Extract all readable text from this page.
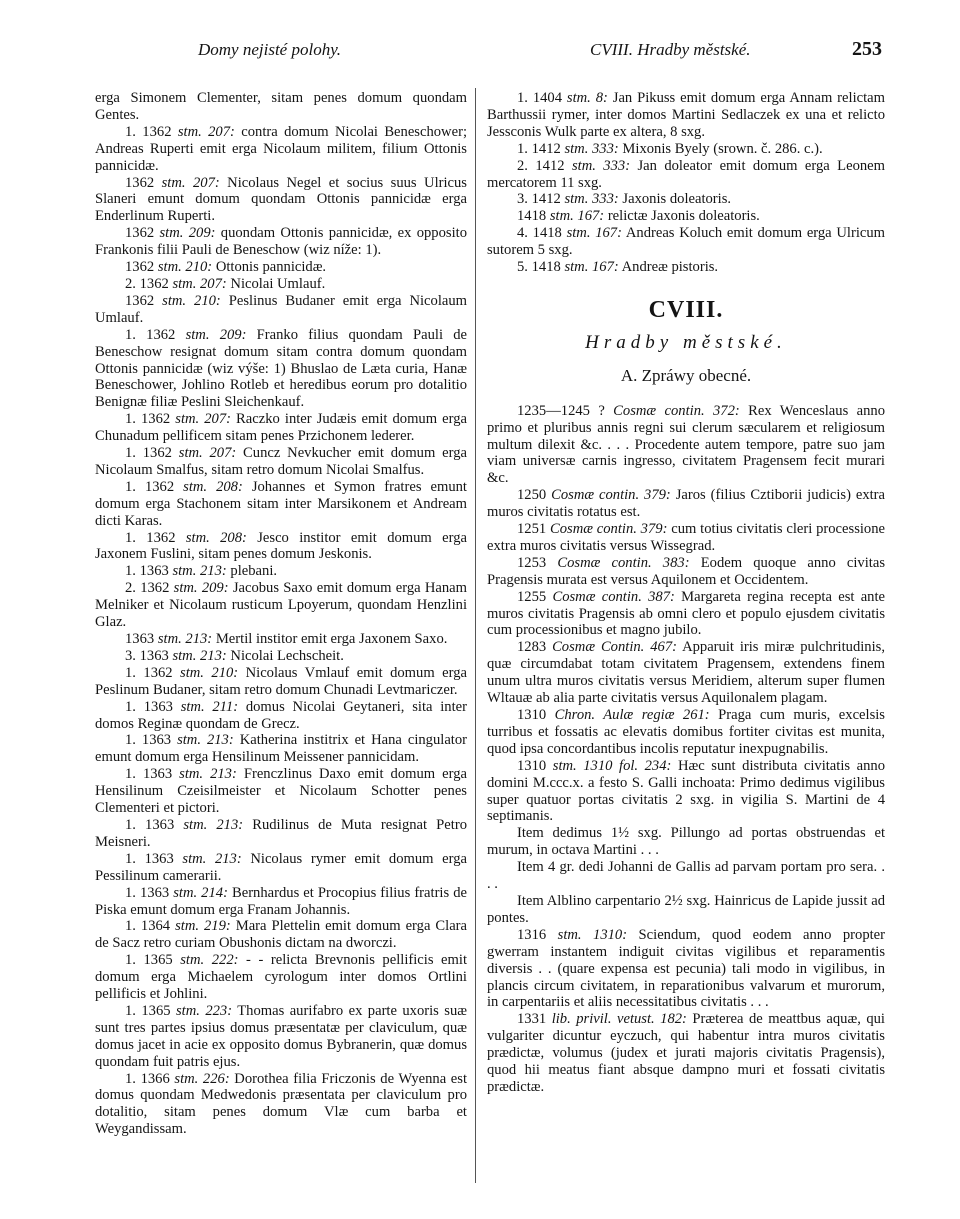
Domy nejisté polohy.	CVIII. Hradby městské.	253

erga Simonem Clementer, sitam penes domum quondam Gentes.

1. 1362 stm. 207: contra domum Nicolai Beneschower; Andreas Ruperti emit erga Nicolaum militem, filium Ottonis pannicidæ.

1362 stm. 207: Nicolaus Negel et socius suus Ulricus Slaneri emunt domum quondam Ottonis pannicidæ erga Enderlinum Ruperti.

1362 stm. 209: quondam Ottonis pannicidæ, ex opposito Frankonis filii Pauli de Beneschow (wiz níže: 1).

1362 stm. 210: Ottonis pannicidæ.

2. 1362 stm. 207: Nicolai Umlauf.

1362 stm. 210: Peslinus Budaner emit erga Nicolaum Umlauf.

1. 1362 stm. 209: Franko filius quondam Pauli de Beneschow resignat domum sitam contra domum quondam Ottonis pannicidæ (wiz výše: 1) Bhuslao de Læta curia, Hanæ Beneschower, Johlino Rotleb et heredibus eorum pro dotalitio Benignæ filiæ Peslini Sleichenkauf.

1. 1362 stm. 207: Raczko inter Judæis emit domum erga Chunadum pellificem sitam penes Przichonem lederer.

1. 1362 stm. 207: Cuncz Nevkucher emit domum erga Nicolaum Smalfus, sitam retro domum Nicolai Smalfus.

1. 1362 stm. 208: Johannes et Symon fratres emunt domum erga Stachonem sitam inter Marsikonem et Andream dicti Karas.

1. 1362 stm. 208: Jesco institor emit domum erga Jaxonem Fuslini, sitam penes domum Jeskonis.

1. 1363 stm. 213: plebani.

2. 1362 stm. 209: Jacobus Saxo emit domum erga Hanam Melniker et Nicolaum rusticum Lpoyerum, quondam Henzlini Glaz.

1363 stm. 213: Mertil institor emit erga Jaxonem Saxo.

3. 1363 stm. 213: Nicolai Lechscheit.

1. 1362 stm. 210: Nicolaus Vmlauf emit domum erga Peslinum Budaner, sitam retro domum Chunadi Levtmariczer.

1. 1363 stm. 211: domus Nicolai Geytaneri, sita inter domos Reginæ quondam de Grecz.

1. 1363 stm. 213: Katherina institrix et Hana cingulator emunt domum erga Hensilinum Meissener pannicidam.

1. 1363 stm. 213: Frenczlinus Daxo emit domum erga Hensilinum Czeisilmeister et Nicolaum Schotter penes Clementeri et pictori.

1. 1363 stm. 213: Rudilinus de Muta resignat Petro Meisneri.

1. 1363 stm. 213: Nicolaus rymer emit domum erga Pessilinum camerarii.

1. 1363 stm. 214: Bernhardus et Procopius filius fratris de Piska emunt domum erga Franam Johannis.

1. 1364 stm. 219: Mara Plettelin emit domum erga Clara de Sacz retro curiam Obushonis dictam na dworczi.

1. 1365 stm. 222: - - relicta Brevnonis pellificis emit domum erga Michaelem cyrologum inter domos Ortlini pellificis et Johlini.

1. 1365 stm. 223: Thomas aurifabro ex parte uxoris suæ sunt tres partes ipsius domus præsentatæ per claviculum, quæ domus jacet in acie ex opposito domus Bybranerin, quæ domus quondam fuit patris ejus.

1. 1366 stm. 226: Dorothea filia Friczonis de Wyenna est domus quondam Medwedonis præsentata per claviculum pro dotalitio, sitam penes domum Vlæ cum barba et Weygandissam.

1. 1404 stm. 8: Jan Pikuss emit domum erga Annam relictam Barthussii rymer, inter domos Martini Sedlaczek ex una et relicto Jessconis Wulk parte ex altera, 8 sxg.

1. 1412 stm. 333: Mixonis Byely (srown. č. 286. c.).

2. 1412 stm. 333: Jan doleator emit domum erga Leonem mercatorem 11 sxg.

3. 1412 stm. 333: Jaxonis doleatoris.

1418 stm. 167: relictæ Jaxonis doleatoris.

4. 1418 stm. 167: Andreas Koluch emit domum erga Ulricum sutorem 5 sxg.

5. 1418 stm. 167: Andreæ pistoris.

CVIII.
Hradby městské.
A. Zpráwy obecné.

1235—1245 ? Cosmæ contin. 372: Rex Wenceslaus anno primo et pluribus annis regni sui clerum sæcularem et religiosum multum dilexit &c. . . . Procedente autem tempore, patre suo jam viam universæ carnis ingresso, civitatem Pragensem fecit murari &c.

1250 Cosmæ contin. 379: Jaros (filius Cztiborii judicis) extra muros civitatis rotatus est.

1251 Cosmæ contin. 379: cum totius civitatis cleri processione extra muros civitatis versus Wissegrad.

1253 Cosmæ contin. 383: Eodem quoque anno civitas Pragensis murata est versus Aquilonem et Occidentem.

1255 Cosmæ contin. 387: Margareta regina recepta est ante muros civitatis Pragensis ab omni clero et populo ejusdem civitatis cum processionibus et magno jubilo.

1283 Cosmæ Contin. 467: Apparuit iris miræ pulchritudinis, quæ circumdabat totam civitatem Pragensem, extendens finem unum ultra muros civitatis versus Meridiem, alterum super flumen Wltauæ ab alia parte civitatis versus Aquilonalem plagam.

1310 Chron. Aulæ regiæ 261: Praga cum muris, excelsis turribus et fossatis ac elevatis domibus fortiter civitas est munita, quod ipsa concordantibus incolis reputatur inexpugnabilis.

1310 stm. 1310 fol. 234: Hæc sunt distributa civitatis anno domini M.ccc.x. a festo S. Galli inchoata: Primo dedimus vigilibus super quatuor portas civitatis 2 sxg. in vigilia S. Martini de 4 septimanis.

Item dedimus 1½ sxg. Pillungo ad portas obstruendas et murum, in octava Martini . . .

Item 4 gr. dedi Johanni de Gallis ad parvam portam pro sera. . . .

Item Alblino carpentario 2½ sxg. Hainricus de Lapide jussit ad pontes.

1316 stm. 1310: Sciendum, quod eodem anno propter gwerram instantem indiguit civitas vigilibus et reparamentis diversis . . (quare expensa est pecunia) tali modo in vigilibus, in plancis circum civitatem, in reparationibus valvarum et murorum, in carpentariis et aliis necessitatibus civitatis . . .

1331 lib. privil. vetust. 182: Præterea de meattbus aquæ, qui vulgariter dicuntur eyczuch, qui habentur intra muros civitatis prædictæ, volumus (judex et jurati majoris civitatis Pragensis), quod hii meatus fiant absque dampno muri et fossati civitatis prædictæ.
